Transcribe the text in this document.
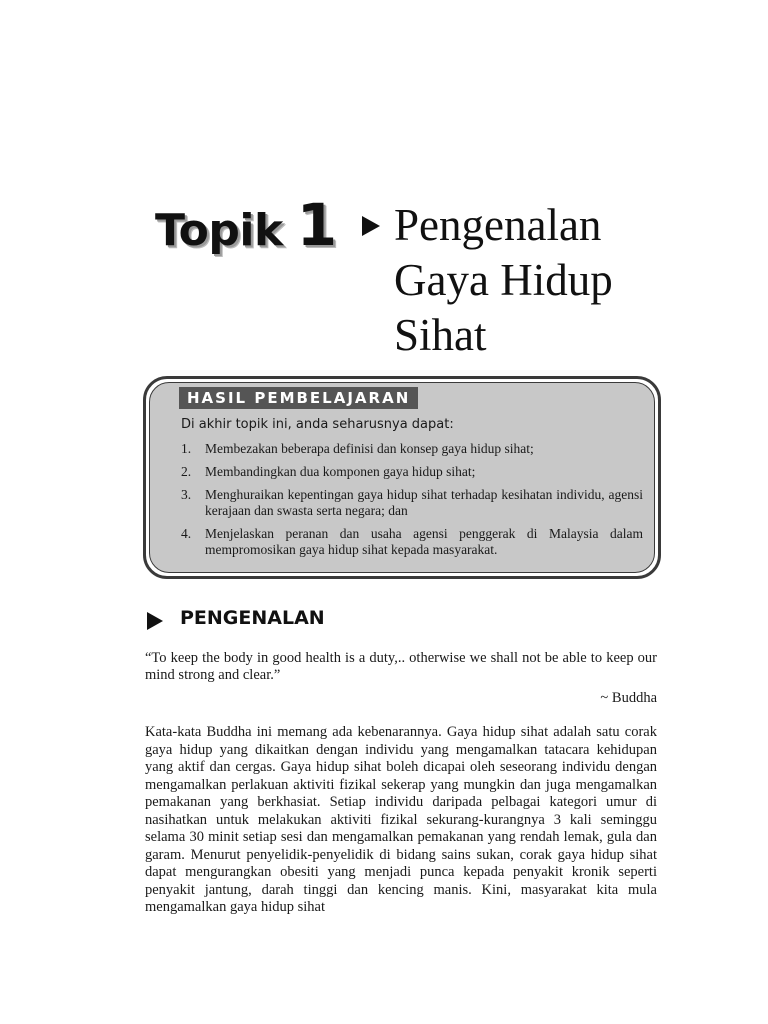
Topik 1 Pengenalan
Gaya Hidup
Sihat
HASIL PEMBELAJARAN
Di akhir topik ini, anda seharusnya dapat:
1.	Membezakan beberapa definisi dan konsep gaya hidup sihat;
2.	Membandingkan dua komponen gaya hidup sihat;
3.	Menghuraikan kepentingan gaya hidup sihat terhadap kesihatan individu, agensi kerajaan dan swasta serta negara; dan
4.	Menjelaskan peranan dan usaha agensi penggerak di Malaysia dalam mempromosikan gaya hidup sihat kepada masyarakat.
PENGENALAN

“To keep the body in good health is a duty,.. otherwise we shall not be able to keep our mind strong and clear.”

~ Buddha

Kata-kata Buddha ini memang ada kebenarannya. Gaya hidup sihat adalah satu corak gaya hidup yang dikaitkan dengan individu yang mengamalkan tatacara kehidupan yang aktif dan cergas. Gaya hidup sihat boleh dicapai oleh seseorang individu dengan mengamalkan perlakuan aktiviti fizikal sekerap yang mungkin dan juga mengamalkan pemakanan yang berkhasiat. Setiap individu daripada pelbagai kategori umur di nasihatkan untuk melakukan aktiviti fizikal sekurang-kurangnya 3 kali seminggu selama 30 minit setiap sesi dan mengamalkan pemakanan yang rendah lemak, gula dan garam. Menurut penyelidik-penyelidik di bidang sains sukan, corak gaya hidup sihat dapat mengurangkan obesiti yang menjadi punca kepada penyakit kronik seperti penyakit jantung, darah tinggi dan kencing manis. Kini, masyarakat kita mula mengamalkan gaya hidup sihat
